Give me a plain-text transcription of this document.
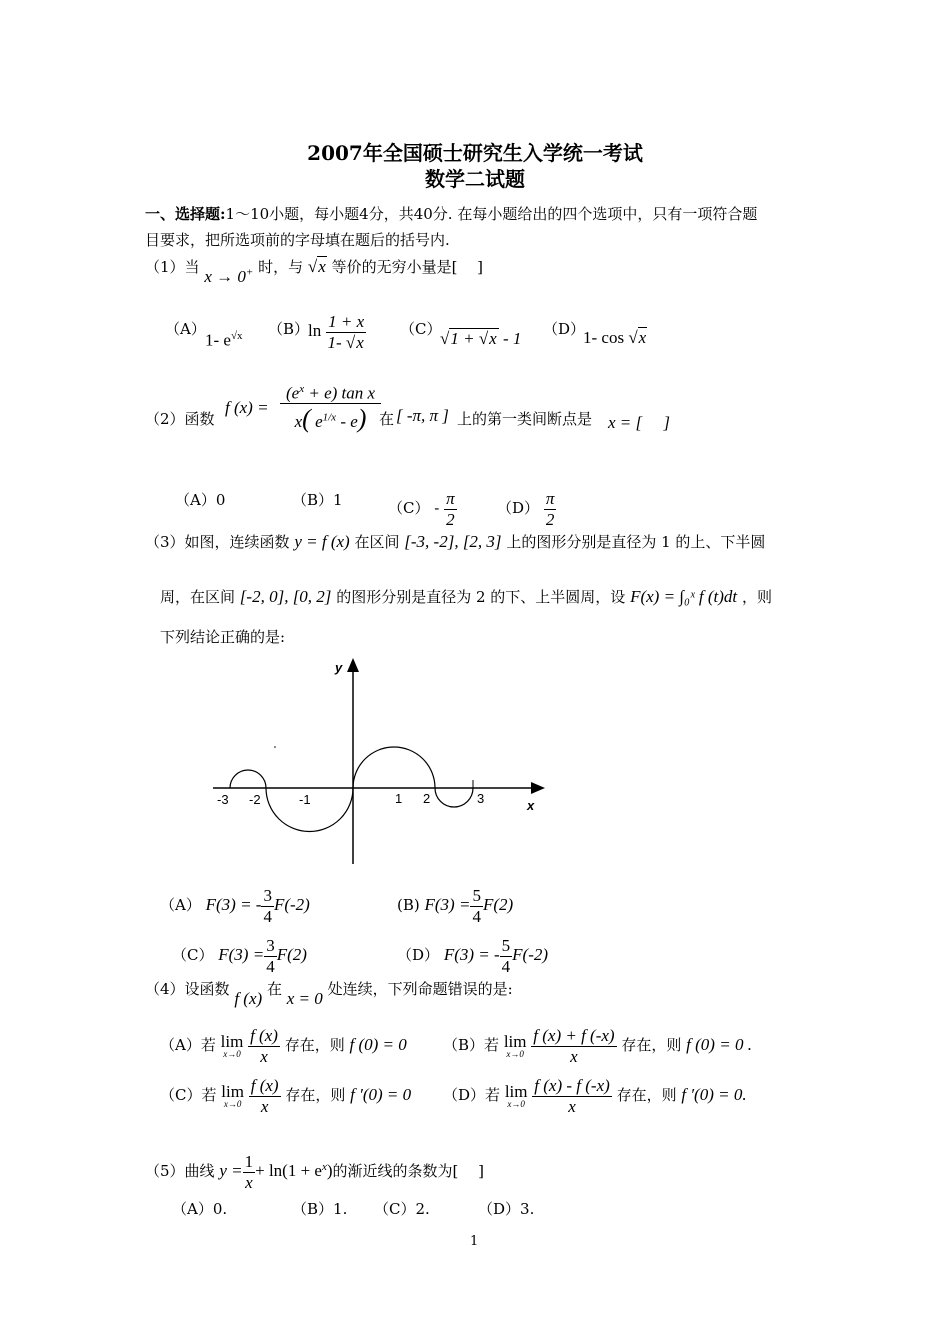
2007年全国硕士研究生入学统一考试
数学二试题
一、选择题:1～10小题，每小题4分，共40分. 在每小题给出的四个选项中，只有一项符合题
目要求，把所选项前的字母填在题后的括号内.
（1）当 x → 0+ 时，与 √x 等价的无穷小量是[　 ]
（A）
1- $e^{√x}$ （B）
$\ln \frac{1 + x}{1- √x} (C)$
√1 + √x - 1 （D）
1- cos √x
（2）函数
f $(x) = \frac{(e^x + e) \tan x}{x( e^{1/x} - e)}$
在 [ -π, π ] 上的第一类间断点是 x = [　 ]
（A）0	（B）1	$(C) - \frac{\pi}{2}$	$(D) \frac{\pi}{2}$
（3）如图，连续函数 y = f (x) 在区间 [-3, -2], [2, 3] 上的图形分别是直径为 1 的上、下半圆
周，在区间 [-2, 0], [0, 2] 的图形分别是直径为 2 的下、上半圆周，设 F(x) = ∫₀ˣ f (t)dt ，则
下列结论正确的是:
y
x
-3 -2	-1	1 2	3
（A） F(3) = - $\frac{3}{4} F(-2)$	(B) $F(3) = \frac{5}{4} F(2)$
（C） $F(3) = \frac{3}{4} F(2)$	（D） F(3) = - $\frac{5}{4} F(-2)$
（4）设函数 f (x) 在 x = 0 处连续，下列命题错误的是:
（A）若 lim
x→0
$\frac{f (x)}{x}$ 存在，则 f (0) = 0 （B）若 lim
x→0
$\frac{f (x) + f (-x)}{x}$ 存在，则 f (0) = 0 .
（C）若 lim
x→0
$\frac{f (x)}{x}$ 存在，则 f ′(0) = 0 （D）若 lim
x→0
$\frac{f (x) - f (-x)}{x}$ 存在，则 f ′(0) = 0.
（5）曲线 $y = \frac{1}{x} + \ln(1 + e^x)$的渐近线的条数为[　 ]
（A）0.	（B）1. （C）2.	（D）3.
1
